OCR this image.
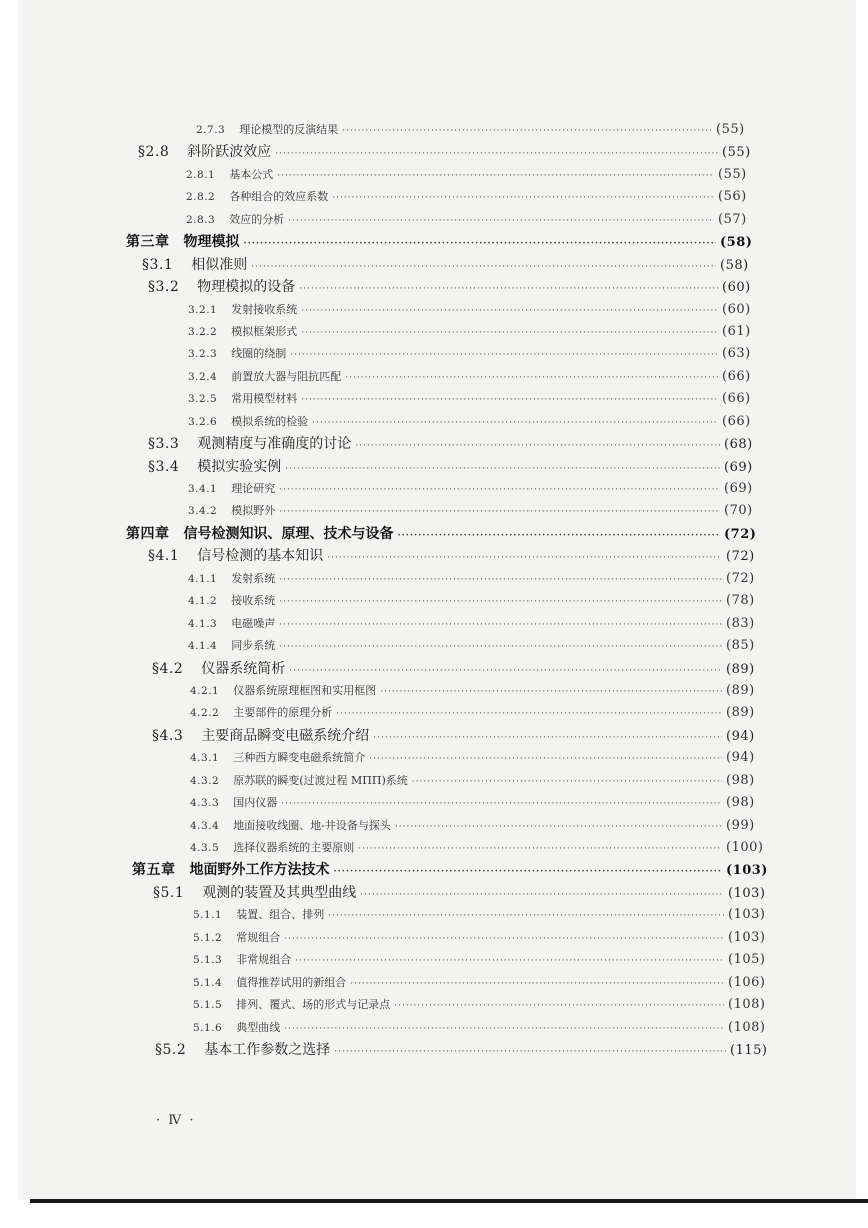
2.7.3 理论模型的反演结果 ·····	(55)
§2.8 斜阶跃波效应 ·····	(55)
2.8.1 基本公式 ·····	(55)
2.8.2 各种组合的效应系数 ·····	(56)
2.8.3 效应的分析 ·····	(57)
第三章 物理模拟 ·····	(58)
§3.1 相似准则 ·····	(58)
§3.2 物理模拟的设备 ·····	(60)
3.2.1 发射接收系统 ·····	(60)
3.2.2 模拟框架形式 ·····	(61)
3.2.3 线圈的绕制 ·····	(63)
3.2.4 前置放大器与阻抗匹配 ·····	(66)
3.2.5 常用模型材料 ·····	(66)
3.2.6 模拟系统的检验 ·····	(66)
§3.3 观测精度与准确度的讨论 ·····	(68)
§3.4 模拟实验实例 ·····	(69)
3.4.1 理论研究 ·····	(69)
3.4.2 模拟野外 ·····	(70)
第四章 信号检测知识、原理、技术与设备 ·····	(72)
§4.1 信号检测的基本知识 ·····	(72)
4.1.1 发射系统 ·····	(72)
4.1.2 接收系统 ·····	(78)
4.1.3 电磁噪声 ·····	(83)
4.1.4 同步系统 ·····	(85)
§4.2 仪器系统简析 ·····	(89)
4.2.1 仪器系统原理框图和实用框图 ·····	(89)
4.2.2 主要部件的原理分析 ·····	(89)
§4.3 主要商品瞬变电磁系统介绍 ·····	(94)
4.3.1 三种西方瞬变电磁系统简介 ·····	(94)
4.3.2 原苏联的瞬变(过渡过程 MПП)系统 ·····	(98)
4.3.3 国内仪器 ·····	(98)
4.3.4 地面接收线圈、地-井设备与探头 ·····	(99)
4.3.5 选择仪器系统的主要原则 ·····	(100)
第五章 地面野外工作方法技术 ·····	(103)
§5.1 观测的装置及其典型曲线 ·····	(103)
5.1.1 装置、组合、排列 ·····	(103)
5.1.2 常规组合 ·····	(103)
5.1.3 非常规组合 ·····	(105)
5.1.4 值得推荐试用的新组合 ·····	(106)
5.1.5 排列、覆式、场的形式与记录点 ·····	(108)
5.1.6 典型曲线 ·····	(108)
§5.2 基本工作参数之选择 ·····	(115)
· Ⅳ ·
